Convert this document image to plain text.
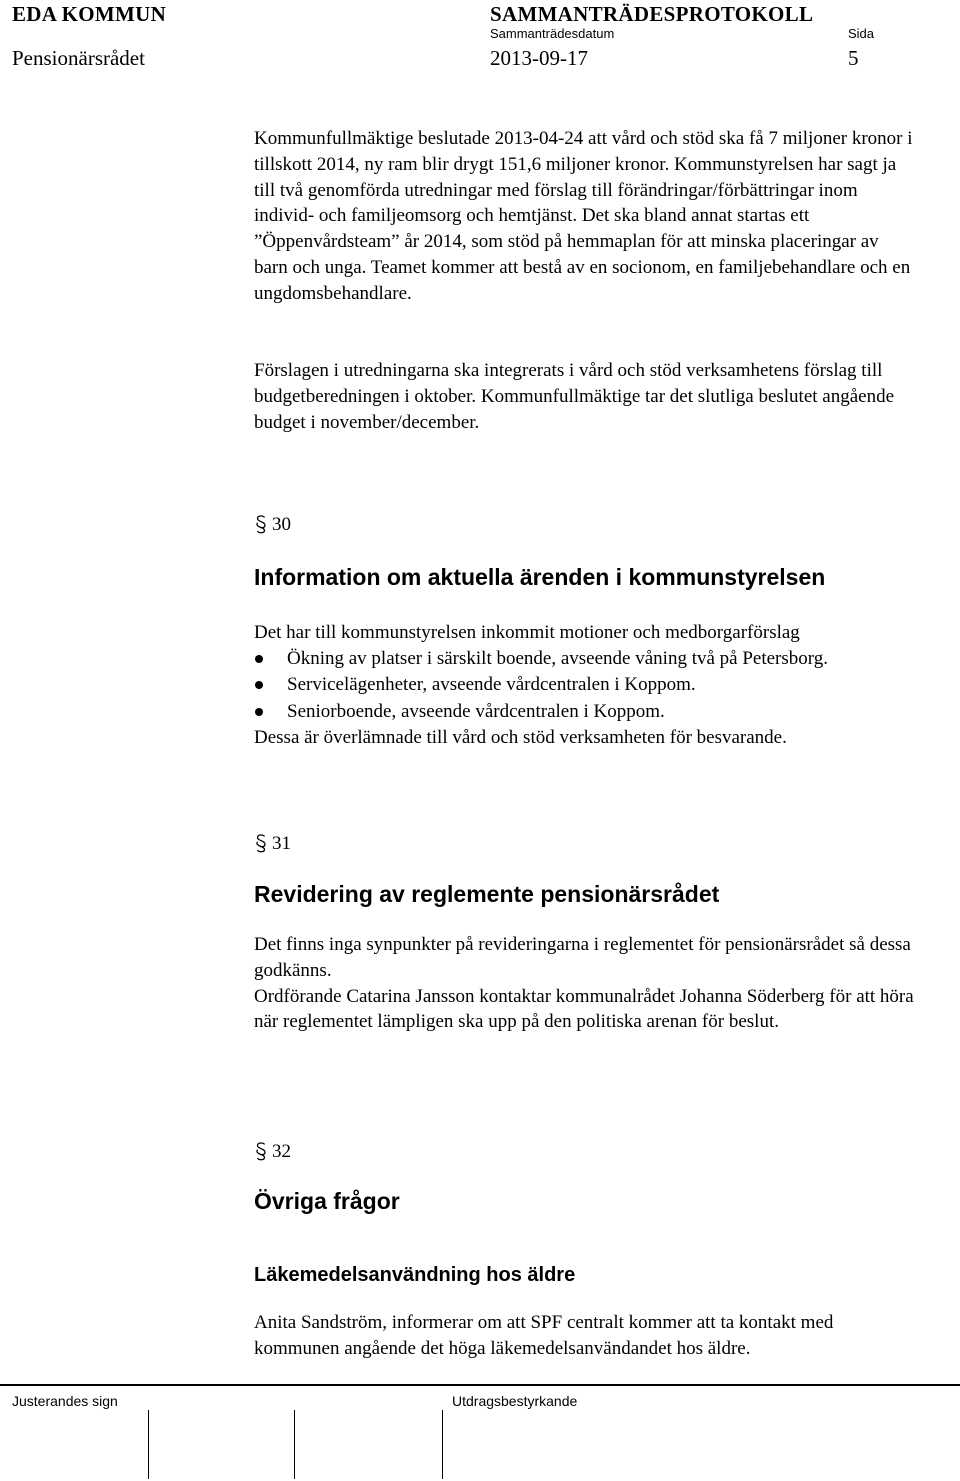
EDA KOMMUN	SAMMANTRÄDESPROTOKOLL
Sammanträdesdatum	Sida
Pensionärsrådet	2013-09-17	5

Kommunfullmäktige beslutade 2013-04-24 att vård och stöd ska få 7 miljoner kronor i tillskott 2014, ny ram blir drygt 151,6 miljoner kronor. Kommunstyrelsen har sagt ja till två genomförda utredningar med förslag till förändringar/förbättringar inom individ- och familjeomsorg och hemtjänst. Det ska bland annat startas ett ”Öppenvårdsteam” år 2014, som stöd på hemmaplan för att minska placeringar av barn och unga. Teamet kommer att bestå av en socionom, en familjebehandlare och en ungdomsbehandlare.

Förslagen i utredningarna ska integrerats i vård och stöd verksamhetens förslag till budgetberedningen i oktober. Kommunfullmäktige tar det slutliga beslutet angående budget i november/december.

30
Information om aktuella ärenden i kommunstyrelsen

Det har till kommunstyrelsen inkommit motioner och medborgarförslag

Ökning av platser i särskilt boende, avseende våning två på Petersborg.
Servicelägenheter, avseende vårdcentralen i Koppom.
Seniorboende, avseende vårdcentralen i Koppom.

Dessa är överlämnade till vård och stöd verksamheten för besvarande.

31
Revidering av reglemente pensionärsrådet

Det finns inga synpunkter på revideringarna i reglementet för pensionärsrådet så dessa godkänns.

Ordförande Catarina Jansson kontaktar kommunalrådet Johanna Söderberg för att höra när reglementet lämpligen ska upp på den politiska arenan för beslut.

32
Övriga frågor
Läkemedelsanvändning hos äldre

Anita Sandström, informerar om att SPF centralt kommer att ta kontakt med kommunen angående det höga läkemedelsanvändandet hos äldre.

Justerandes sign	Utdragsbestyrkande
